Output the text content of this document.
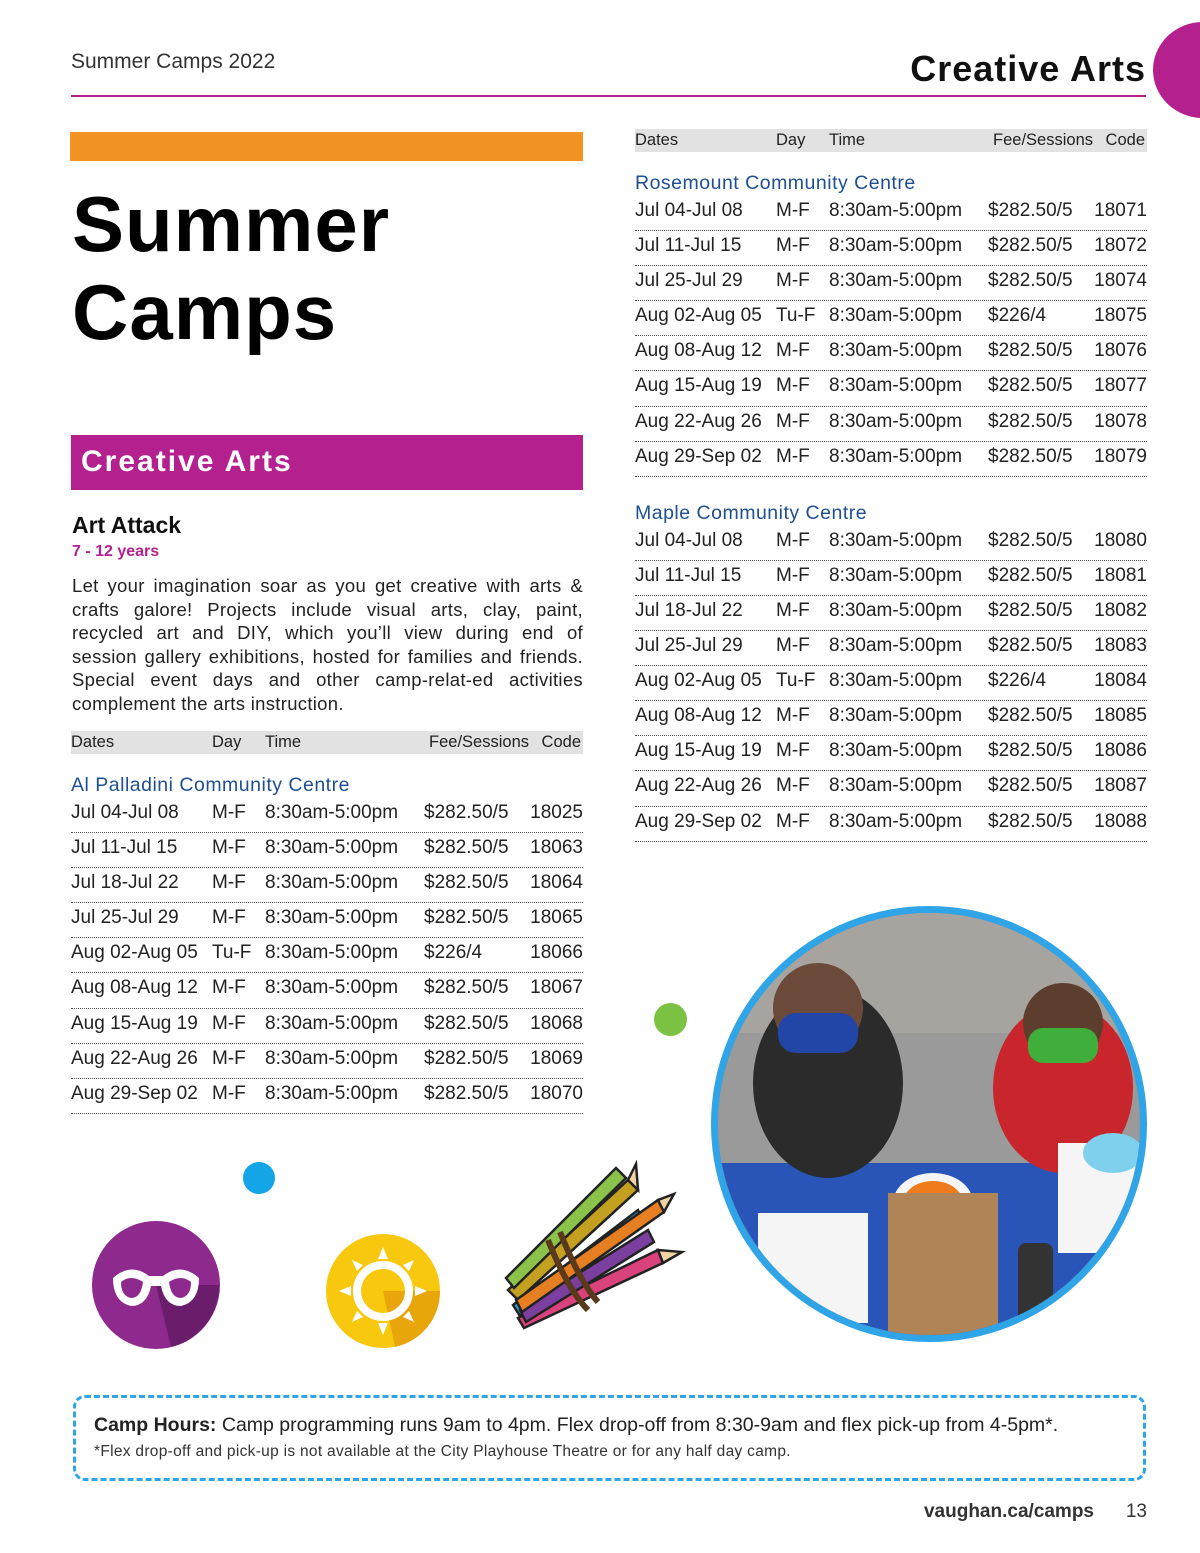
Summer Camps 2022	Creative Arts
Summer
Camps
Creative Arts
Art Attack
7 - 12 years
Let your imagination soar as you get creative with arts & crafts galore! Projects include visual arts, clay, paint, recycled art and DIY, which you’ll view during end of session gallery exhibitions, hosted for families and friends. Special event days and other camp-relat-ed activities complement the arts instruction.
Dates	Day Time	Fee/Sessions Code
Al Palladini Community Centre
Jul 04-Jul 08 M-F 8:30am-5:00pm $282.50/5 18025
Jul 11-Jul 15 M-F 8:30am-5:00pm $282.50/5 18063
Jul 18-Jul 22 M-F 8:30am-5:00pm $282.50/5 18064
Jul 25-Jul 29 M-F 8:30am-5:00pm $282.50/5 18065
Aug 02-Aug 05 Tu-F 8:30am-5:00pm $226/4	18066
Aug 08-Aug 12 M-F 8:30am-5:00pm $282.50/5 18067
Aug 15-Aug 19 M-F 8:30am-5:00pm $282.50/5 18068
Aug 22-Aug 26 M-F 8:30am-5:00pm $282.50/5 18069
Aug 29-Sep 02 M-F 8:30am-5:00pm $282.50/5 18070
Dates	Day Time	Fee/Sessions Code
Rosemount Community Centre
Jul 04-Jul 08 M-F 8:30am-5:00pm $282.50/5 18071
Jul 11-Jul 15 M-F 8:30am-5:00pm $282.50/5 18072
Jul 25-Jul 29 M-F 8:30am-5:00pm $282.50/5 18074
Aug 02-Aug 05 Tu-F 8:30am-5:00pm $226/4	18075
Aug 08-Aug 12 M-F 8:30am-5:00pm $282.50/5 18076
Aug 15-Aug 19 M-F 8:30am-5:00pm $282.50/5 18077
Aug 22-Aug 26 M-F 8:30am-5:00pm $282.50/5 18078
Aug 29-Sep 02 M-F 8:30am-5:00pm $282.50/5 18079
Maple Community Centre
Jul 04-Jul 08 M-F 8:30am-5:00pm $282.50/5 18080
Jul 11-Jul 15 M-F 8:30am-5:00pm $282.50/5 18081
Jul 18-Jul 22 M-F 8:30am-5:00pm $282.50/5 18082
Jul 25-Jul 29 M-F 8:30am-5:00pm $282.50/5 18083
Aug 02-Aug 05 Tu-F 8:30am-5:00pm $226/4	18084
Aug 08-Aug 12 M-F 8:30am-5:00pm $282.50/5 18085
Aug 15-Aug 19 M-F 8:30am-5:00pm $282.50/5 18086
Aug 22-Aug 26 M-F 8:30am-5:00pm $282.50/5 18087
Aug 29-Sep 02 M-F 8:30am-5:00pm $282.50/5 18088
Camp Hours: Camp programming runs 9am to 4pm. Flex drop-off from 8:30-9am and flex pick-up from 4-5pm*.
*Flex drop-off and pick-up is not available at the City Playhouse Theatre or for any half day camp.
vaughan.ca/camps 13
